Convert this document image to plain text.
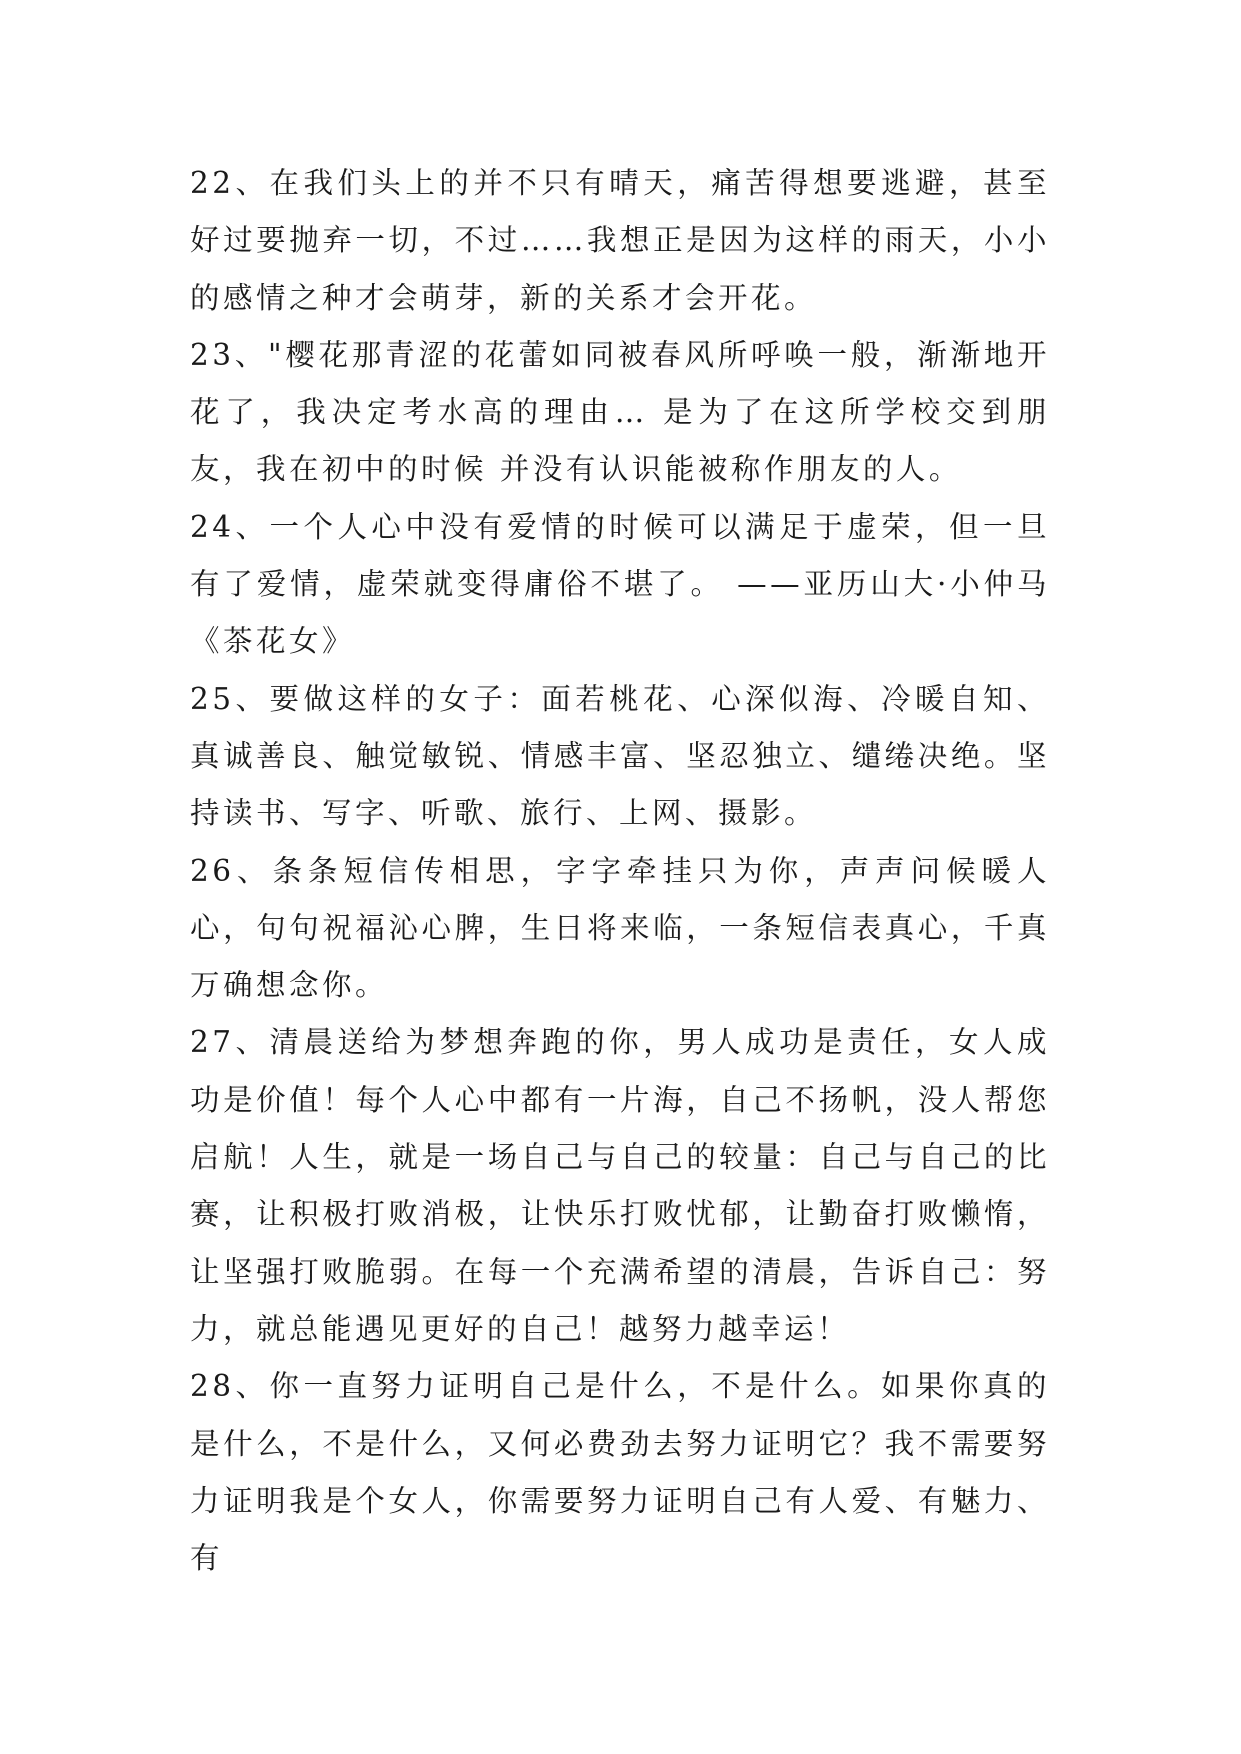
22、在我们头上的并不只有晴天，痛苦得想要逃避，甚至好过要抛弃一切，不过……我想正是因为这样的雨天，小小的感情之种才会萌芽，新的关系才会开花。

23、"樱花那青涩的花蕾如同被春风所呼唤一般，渐渐地开花了，我决定考水高的理由… 是为了在这所学校交到朋友，我在初中的时候 并没有认识能被称作朋友的人。

24、一个人心中没有爱情的时候可以满足于虚荣，但一旦有了爱情，虚荣就变得庸俗不堪了。 ——亚历山大·小仲马《茶花女》

25、要做这样的女子：面若桃花、心深似海、冷暖自知、真诚善良、触觉敏锐、情感丰富、坚忍独立、缱绻决绝。坚持读书、写字、听歌、旅行、上网、摄影。

26、条条短信传相思，字字牵挂只为你，声声问候暖人心，句句祝福沁心脾，生日将来临，一条短信表真心，千真万确想念你。

27、清晨送给为梦想奔跑的你，男人成功是责任，女人成功是价值！每个人心中都有一片海，自己不扬帆，没人帮您启航！人生，就是一场自己与自己的较量：自己与自己的比赛，让积极打败消极，让快乐打败忧郁，让勤奋打败懒惰，让坚强打败脆弱。在每一个充满希望的清晨，告诉自己：努力，就总能遇见更好的自己！越努力越幸运！

28、你一直努力证明自己是什么，不是什么。如果你真的是什么，不是什么，又何必费劲去努力证明它？我不需要努力证明我是个女人，你需要努力证明自己有人爱、有魅力、有
